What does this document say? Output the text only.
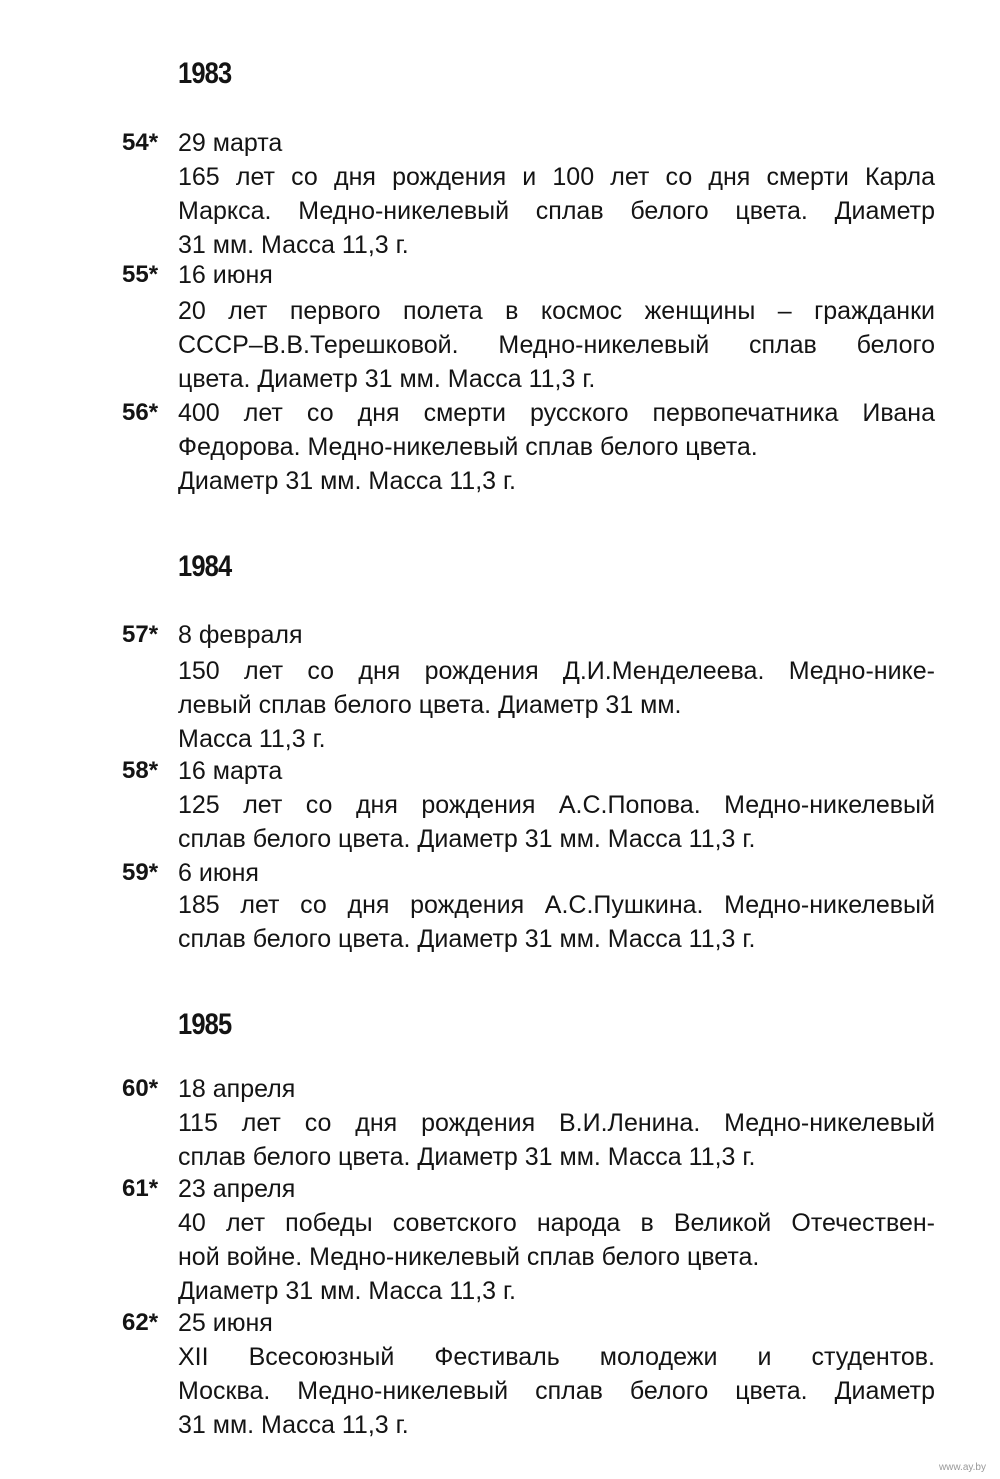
1983
54* 29 марта
165 лет со дня рождения и 100 лет со дня смерти Карла
Маркса. Медно-никелевый сплав белого цвета. Диаметр
31 мм. Масса 11,3 г.
55* 16 июня
20 лет первого полета в космос женщины – гражданки
СССР–В.В.Терешковой. Медно-никелевый сплав белого
цвета. Диаметр 31 мм. Масса 11,3 г.
56* 400 лет со дня смерти русского первопечатника Ивана
Федорова. Медно-никелевый сплав белого цвета.
Диаметр 31 мм. Масса 11,3 г.
1984
57* 8 февраля
150 лет со дня рождения Д.И.Менделеева. Медно-нике-
левый сплав белого цвета. Диаметр 31 мм.
Масса 11,3 г.
58* 16 марта
125 лет со дня рождения А.С.Попова. Медно-никелевый
сплав белого цвета. Диаметр 31 мм. Масса 11,3 г.
59* 6 июня
185 лет со дня рождения А.С.Пушкина. Медно-никелевый
сплав белого цвета. Диаметр 31 мм. Масса 11,3 г.
1985
60* 18 апреля
115 лет со дня рождения В.И.Ленина. Медно-никелевый
сплав белого цвета. Диаметр 31 мм. Масса 11,3 г.
61* 23 апреля
40 лет победы советского народа в Великой Отечествен-
ной войне. Медно-никелевый сплав белого цвета.
Диаметр 31 мм. Масса 11,3 г.
62* 25 июня
XII Всесоюзный Фестиваль молодежи и студентов.
Москва. Медно-никелевый сплав белого цвета. Диаметр
31 мм. Масса 11,3 г.
www.ay.by
